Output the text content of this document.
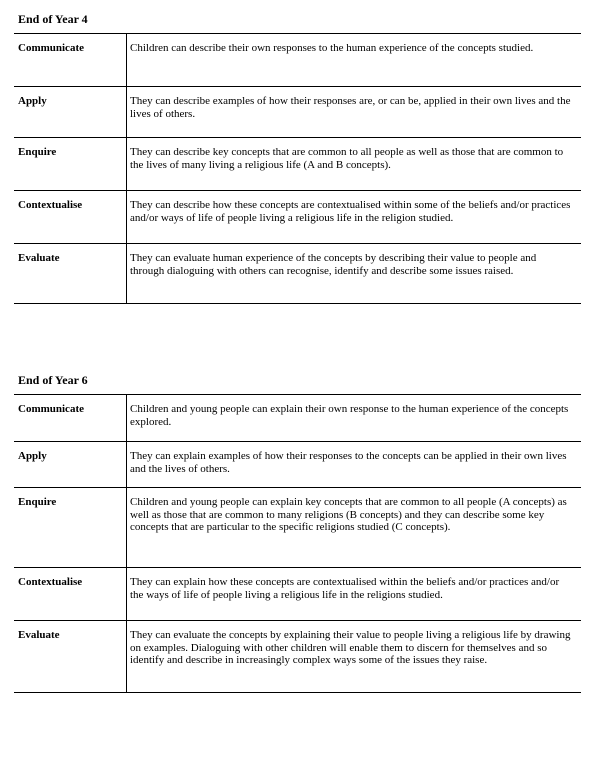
End of Year 4
Communicate	Children can describe their own responses to the human experience of the concepts studied.
Apply	They can describe examples of how their responses are, or can be, applied in their own lives and the lives of others.
Enquire	They can describe key concepts that are common to all people as well as those that are common to the lives of many living a religious life (A and B concepts).
Contextualise	They can describe how these concepts are contextualised within some of the beliefs and/or practices and/or ways of life of people living a religious life in the religion studied.
Evaluate	They can evaluate human experience of the concepts by describing their value to people and through dialoguing with others can recognise, identify and describe some issues raised.
End of Year 6
Communicate	Children and young people can explain their own response to the human experience of the concepts explored.
Apply	They can explain examples of how their responses to the concepts can be applied in their own lives and the lives of others.
Enquire	Children and young people can explain key concepts that are common to all people (A concepts) as well as those that are common to many religions (B concepts) and they can describe some key concepts that are particular to the specific religions studied (C concepts).
Contextualise	They can explain how these concepts are contextualised within the beliefs and/or practices and/or the ways of life of people living a religious life in the religions studied.
Evaluate	They can evaluate the concepts by explaining their value to people living a religious life by drawing on examples. Dialoguing with other children will enable them to discern for themselves and so identify and describe in increasingly complex ways some of the issues they raise.
